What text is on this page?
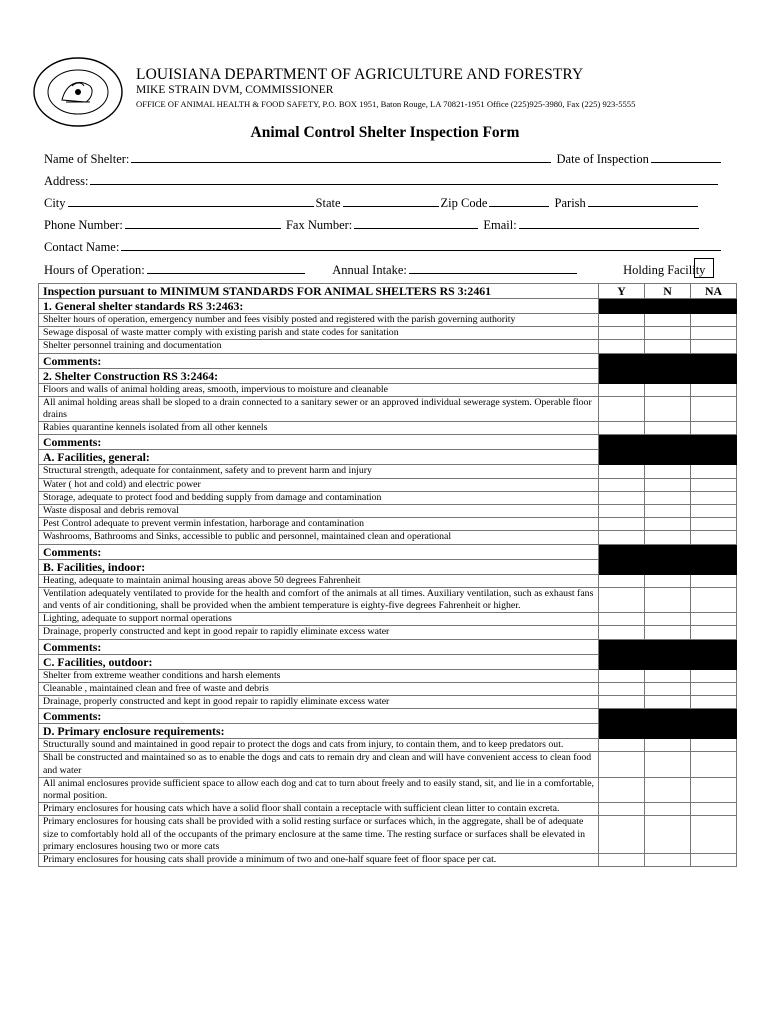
LOUISIANA DEPARTMENT OF AGRICULTURE AND FORESTRY
MIKE STRAIN DVM, COMMISSIONER
OFFICE OF ANIMAL HEALTH & FOOD SAFETY, P.O. BOX 1951, Baton Rouge, LA 70821-1951 Office (225)925-3980, Fax (225) 923-5555
Animal Control Shelter Inspection Form
Name of Shelter:	Date of Inspection
Address:
City	State	Zip Code	Parish
Phone Number:	Fax Number:	Email:
Contact Name:
Hours of Operation:	Annual Intake:	Holding Facility
Inspection pursuant to MINIMUM STANDARDS FOR ANIMAL SHELTERS RS 3:2461	Y	N	NA
1. General shelter standards RS 3:2463:			
Shelter hours of operation, emergency number and fees visibly posted and registered with the parish governing authority			
Sewage disposal of waste matter comply with existing parish and state codes for sanitation			
Shelter personnel training and documentation			
Comments:			
2. Shelter Construction RS 3:2464:			
Floors and walls of animal holding areas, smooth, impervious to moisture and cleanable			
All animal holding areas shall be sloped to a drain connected to a sanitary sewer or an approved individual sewerage system. Operable floor drains			
Rabies quarantine kennels isolated from all other kennels			
Comments:			
A. Facilities, general:			
Structural strength, adequate for containment, safety and to prevent harm and injury			
Water ( hot and cold) and electric power			
Storage, adequate to protect food and bedding supply from damage and contamination			
Waste disposal and debris removal			
Pest Control adequate to prevent vermin infestation, harborage and contamination			
Washrooms, Bathrooms and Sinks, accessible to public and personnel, maintained clean and operational			
Comments:			
B. Facilities, indoor:			
Heating, adequate to maintain animal housing areas above 50 degrees Fahrenheit			
Ventilation adequately ventilated to provide for the health and comfort of the animals at all times. Auxiliary ventilation, such as exhaust fans and vents of air conditioning, shall be provided when the ambient temperature is eighty-five degrees Fahrenheit or higher.			
Lighting, adequate to support normal operations			
Drainage, properly constructed and kept in good repair to rapidly eliminate excess water			
Comments:			
C. Facilities, outdoor:			
Shelter from extreme weather conditions and harsh elements			
Cleanable , maintained clean and free of waste and debris			
Drainage, properly constructed and kept in good repair to rapidly eliminate excess water			
Comments:			
D. Primary enclosure requirements:			
Structurally sound and maintained in good repair to protect the dogs and cats from injury, to contain them, and to keep predators out.			
Shall be constructed and maintained so as to enable the dogs and cats to remain dry and clean and will have convenient access to clean food and water			
All animal enclosures provide sufficient space to allow each dog and cat to turn about freely and to easily stand, sit, and lie in a comfortable, normal position.			
Primary enclosures for housing cats which have a solid floor shall contain a receptacle with sufficient clean litter to contain excreta.			
Primary enclosures for housing cats shall be provided with a solid resting surface or surfaces which, in the aggregate, shall be of adequate size to comfortably hold all of the occupants of the primary enclosure at the same time. The resting surface or surfaces shall be elevated in primary enclosures housing two or more cats			
Primary enclosures for housing cats shall provide a minimum of two and one-half square feet of floor space per cat.			
